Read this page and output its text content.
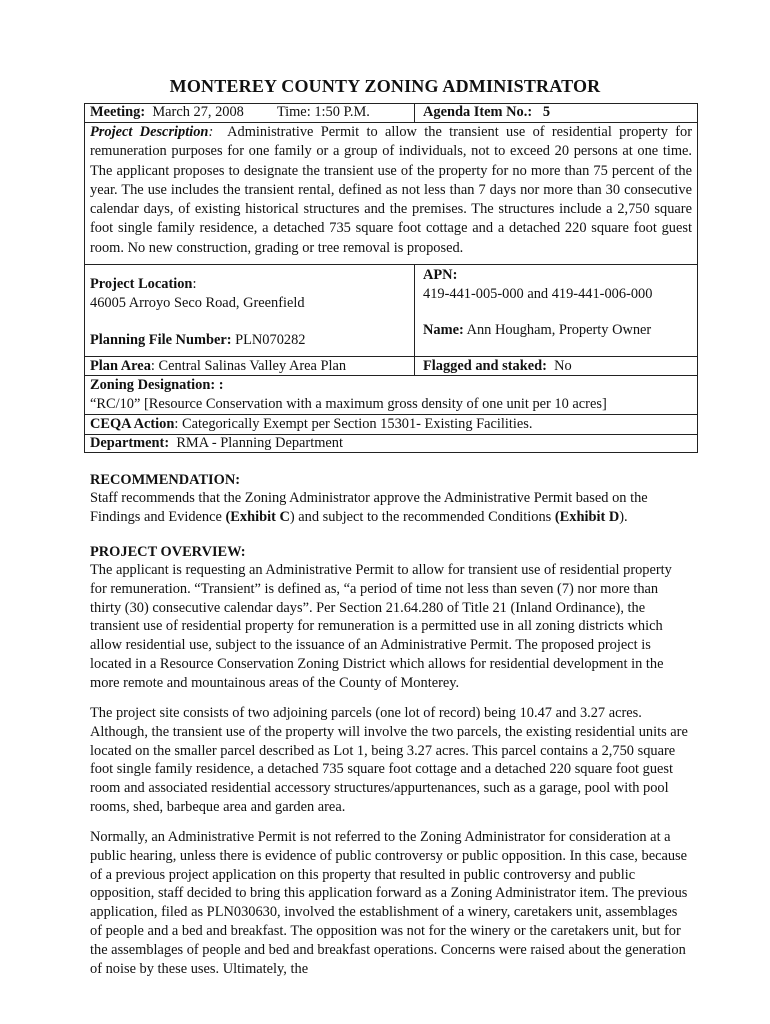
MONTEREY COUNTY ZONING ADMINISTRATOR
Meeting: March 27, 2008 Time: 1:50 P.M.	Agenda Item No.: 5
Project Description: Administrative Permit to allow the transient use of residential property for remuneration purposes for one family or a group of individuals, not to exceed 20 persons at one time. The applicant proposes to designate the transient use of the property for no more than 75 percent of the year. The use includes the transient rental, defined as not less than 7 days nor more than 30 consecutive calendar days, of existing historical structures and the premises. The structures include a 2,750 square foot single family residence, a detached 735 square foot cottage and a detached 220 square foot guest room. No new construction, grading or tree removal is proposed.
Project Location:
46005 Arroyo Seco Road, Greenfield
APN:
419-441-005-000 and 419-441-006-000
Planning File Number: PLN070282
Name: Ann Hougham, Property Owner
Plan Area: Central Salinas Valley Area Plan	Flagged and staked: No
Zoning Designation: :
“RC/10” [Resource Conservation with a maximum gross density of one unit per 10 acres]
CEQA Action: Categorically Exempt per Section 15301- Existing Facilities.
Department: RMA - Planning Department
RECOMMENDATION:
Staff recommends that the Zoning Administrator approve the Administrative Permit based on the Findings and Evidence (Exhibit C) and subject to the recommended Conditions (Exhibit D).
PROJECT OVERVIEW:
The applicant is requesting an Administrative Permit to allow for transient use of residential property for remuneration. “Transient” is defined as, “a period of time not less than seven (7) nor more than thirty (30) consecutive calendar days”. Per Section 21.64.280 of Title 21 (Inland Ordinance), the transient use of residential property for remuneration is a permitted use in all zoning districts which allow residential use, subject to the issuance of an Administrative Permit. The proposed project is located in a Resource Conservation Zoning District which allows for residential development in the more remote and mountainous areas of the County of Monterey.
The project site consists of two adjoining parcels (one lot of record) being 10.47 and 3.27 acres. Although, the transient use of the property will involve the two parcels, the existing residential units are located on the smaller parcel described as Lot 1, being 3.27 acres. This parcel contains a 2,750 square foot single family residence, a detached 735 square foot cottage and a detached 220 square foot guest room and associated residential accessory structures/appurtenances, such as a garage, pool with pool rooms, shed, barbeque area and garden area.
Normally, an Administrative Permit is not referred to the Zoning Administrator for consideration at a public hearing, unless there is evidence of public controversy or public opposition. In this case, because of a previous project application on this property that resulted in public controversy and public opposition, staff decided to bring this application forward as a Zoning Administrator item. The previous application, filed as PLN030630, involved the establishment of a winery, caretakers unit, assemblages of people and a bed and breakfast. The opposition was not for the winery or the caretakers unit, but for the assemblages of people and bed and breakfast operations. Concerns were raised about the generation of noise by these uses. Ultimately, the
